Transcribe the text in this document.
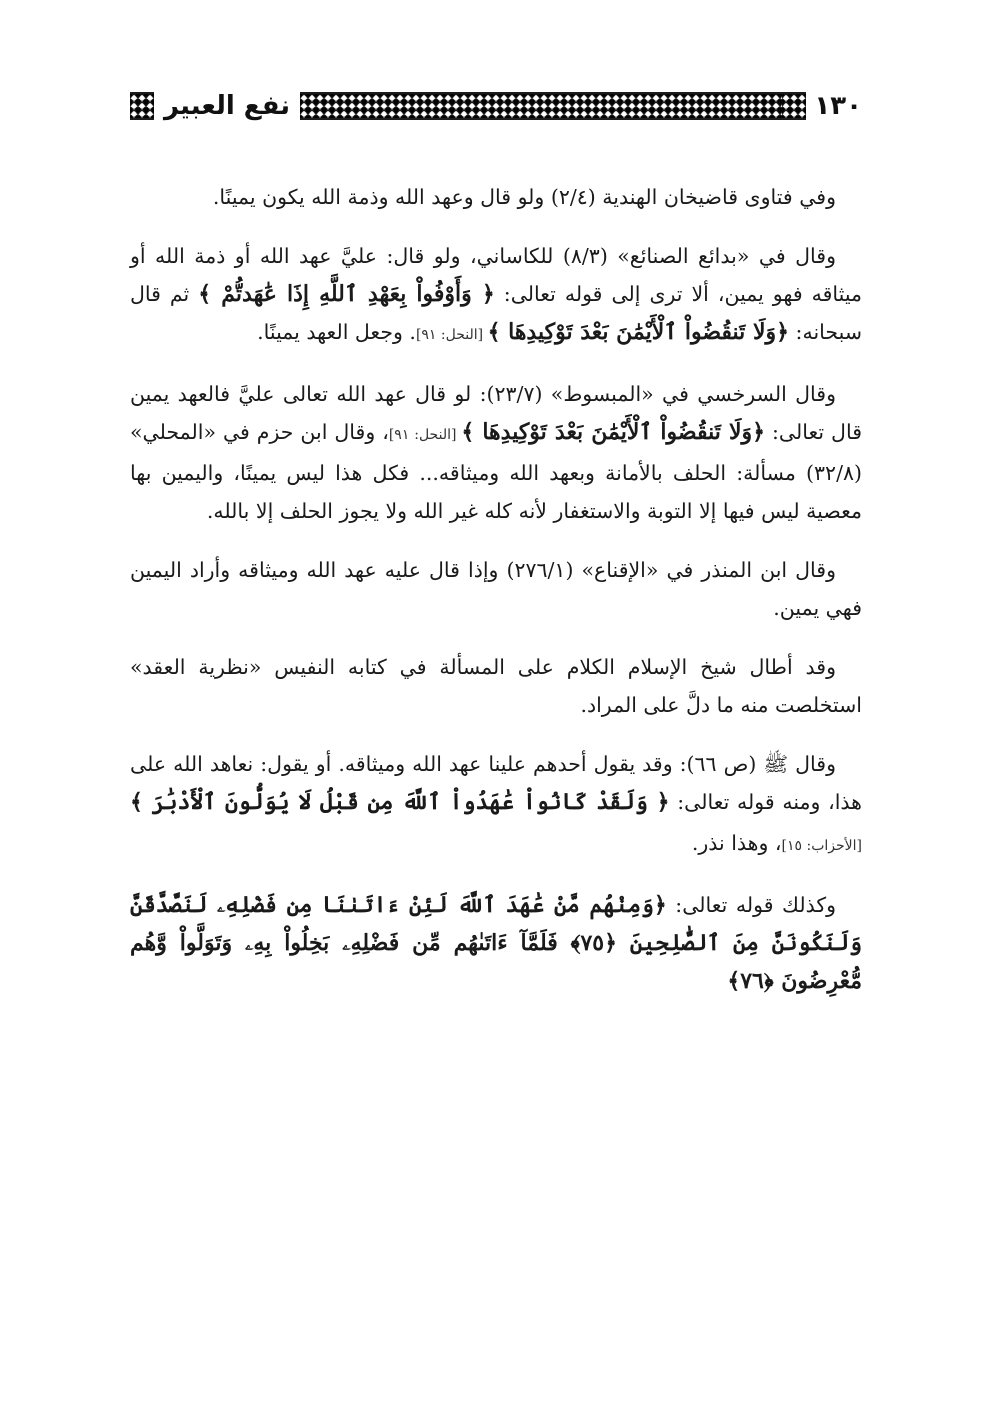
١٣٠
نفع العبير

وفي فتاوى قاضيخان الهندية (٢/٤) ولو قال وعهد الله وذمة الله يكون يمينًا.

وقال في «بدائع الصنائع» (٨/٣) للكاساني، ولو قال: عليَّ عهد الله أو ذمة الله أو ميثاقه فهو يمين، ألا ترى إلى قوله تعالى: ﴿ وَأَوْفُواْ بِعَهْدِ ٱللَّهِ إِذَا عَٰهَدتُّمْ ﴾ ثم قال سبحانه: ﴿وَلَا تَنقُضُواْ ٱلْأَيْمَٰنَ بَعْدَ تَوْكِيدِهَا ﴾ [النحل: ٩١]. وجعل العهد يمينًا.

وقال السرخسي في «المبسوط» (٢٣/٧): لو قال عهد الله تعالى عليَّ فالعهد يمين قال تعالى: ﴿وَلَا تَنقُضُواْ ٱلْأَيْمَٰنَ بَعْدَ تَوْكِيدِهَا ﴾ [النحل: ٩١]، وقال ابن حزم في «المحلي» (٣٢/٨) مسألة: الحلف بالأمانة وبعهد الله وميثاقه... فكل هذا ليس يمينًا، واليمين بها معصية ليس فيها إلا التوبة والاستغفار لأنه كله غير الله ولا يجوز الحلف إلا بالله.

وقال ابن المنذر في «الإقناع» (٢٧٦/١) وإذا قال عليه عهد الله وميثاقه وأراد اليمين فهي يمين.

وقد أطال شيخ الإسلام الكلام على المسألة في كتابه النفيس «نظرية العقد» استخلصت منه ما دلَّ على المراد.

وقال ﷺ (ص ٦٦): وقد يقول أحدهم علينا عهد الله وميثاقه. أو يقول: نعاهد الله على هذا، ومنه قوله تعالى: ﴿ وَلَقَدْ كَانُواْ عَٰهَدُواْ ٱللَّهَ مِن قَبْلُ لَا يُوَلُّونَ ٱلْأَدْبَٰرَ ﴾ [الأحزاب: ١٥]، وهذا نذر.

وكذلك قوله تعالى: ﴿وَمِنْهُم مَّنْ عَٰهَدَ ٱللَّهَ لَئِنْ ءَاتَىٰنَا مِن فَضْلِهِۦ لَنَصَّدَّقَنَّ وَلَنَكُونَنَّ مِنَ ٱلصَّٰلِحِينَ ﴿٧٥﴾ فَلَمَّآ ءَاتَىٰهُم مِّن فَضْلِهِۦ بَخِلُواْ بِهِۦ وَتَوَلَّواْ وَّهُم مُّعْرِضُونَ ﴿٧٦﴾
